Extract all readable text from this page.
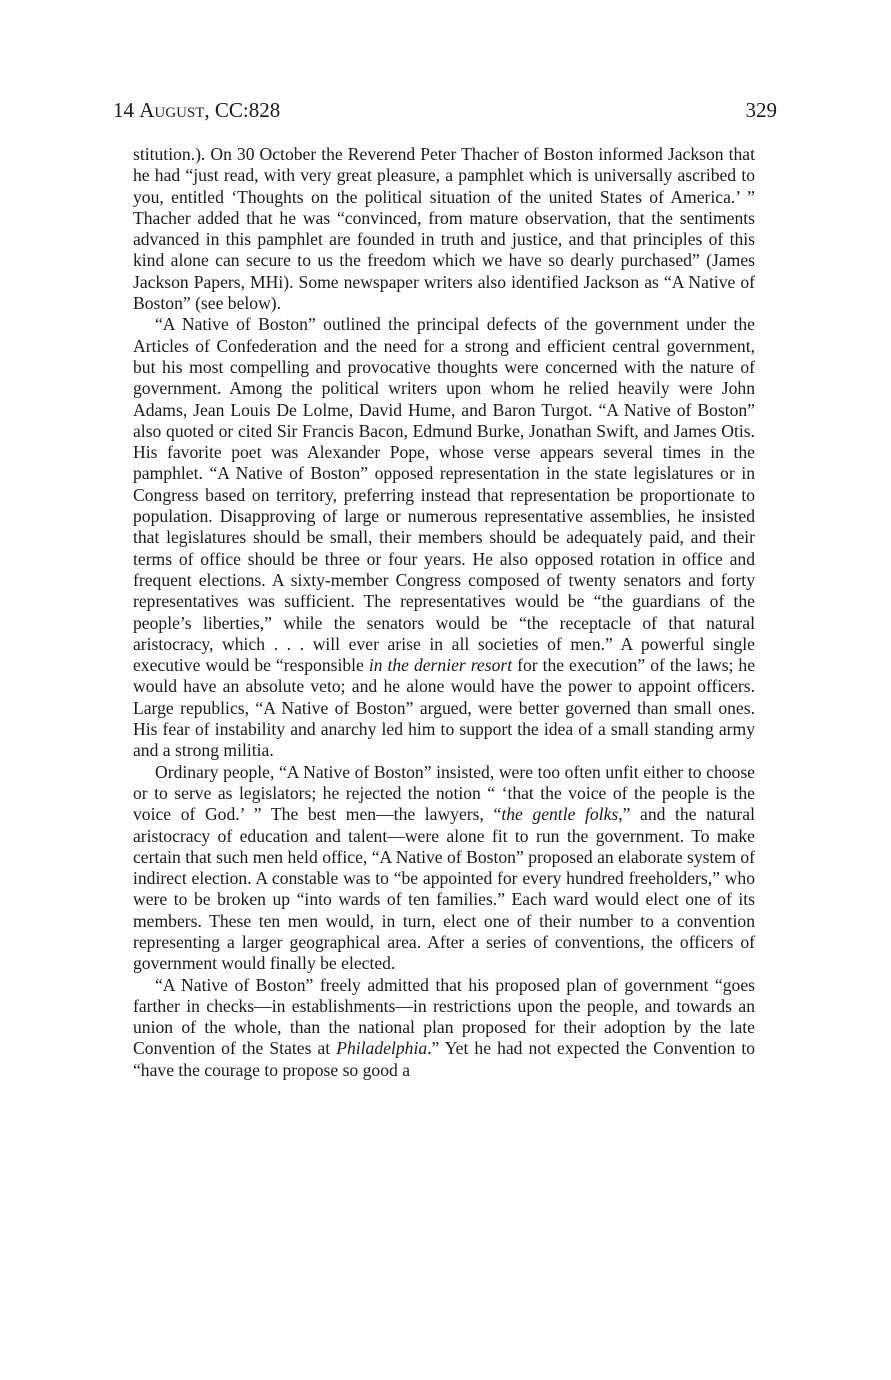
14 August, CC:828	329

stitution.). On 30 October the Reverend Peter Thacher of Boston informed Jackson that he had “just read, with very great pleasure, a pamphlet which is universally ascribed to you, entitled ‘Thoughts on the political situation of the united States of America.’ ” Thacher added that he was “convinced, from mature observation, that the sentiments advanced in this pamphlet are founded in truth and justice, and that principles of this kind alone can secure to us the freedom which we have so dearly purchased” (James Jackson Papers, MHi). Some newspaper writers also identified Jackson as “A Native of Boston” (see below).

“A Native of Boston” outlined the principal defects of the government under the Articles of Confederation and the need for a strong and efficient central government, but his most compelling and provocative thoughts were concerned with the nature of government. Among the political writers upon whom he relied heavily were John Adams, Jean Louis De Lolme, David Hume, and Baron Turgot. “A Native of Boston” also quoted or cited Sir Francis Bacon, Edmund Burke, Jonathan Swift, and James Otis. His favorite poet was Alexander Pope, whose verse appears several times in the pamphlet. “A Native of Boston” opposed representation in the state legislatures or in Congress based on territory, preferring instead that representation be proportionate to population. Disapproving of large or numerous representative assemblies, he insisted that legislatures should be small, their members should be adequately paid, and their terms of office should be three or four years. He also opposed rotation in office and frequent elections. A sixty-member Congress composed of twenty senators and forty representatives was sufficient. The representatives would be “the guardians of the people’s liberties,” while the senators would be “the receptacle of that natural aristocracy, which . . . will ever arise in all societies of men.” A powerful single executive would be “responsible in the dernier resort for the execution” of the laws; he would have an absolute veto; and he alone would have the power to appoint officers. Large republics, “A Native of Boston” argued, were better governed than small ones. His fear of instability and anarchy led him to support the idea of a small standing army and a strong militia.

Ordinary people, “A Native of Boston” insisted, were too often unfit either to choose or to serve as legislators; he rejected the notion “ ‘that the voice of the people is the voice of God.’ ” The best men—the lawyers, “the gentle folks,” and the natural aristocracy of education and talent—were alone fit to run the government. To make certain that such men held office, “A Native of Boston” proposed an elaborate system of indirect election. A constable was to “be appointed for every hundred freeholders,” who were to be broken up “into wards of ten families.” Each ward would elect one of its members. These ten men would, in turn, elect one of their number to a convention representing a larger geographical area. After a series of conventions, the officers of government would finally be elected.

“A Native of Boston” freely admitted that his proposed plan of government “goes farther in checks—in establishments—in restrictions upon the people, and towards an union of the whole, than the national plan proposed for their adoption by the late Convention of the States at Philadelphia.” Yet he had not expected the Convention to “have the courage to propose so good a
